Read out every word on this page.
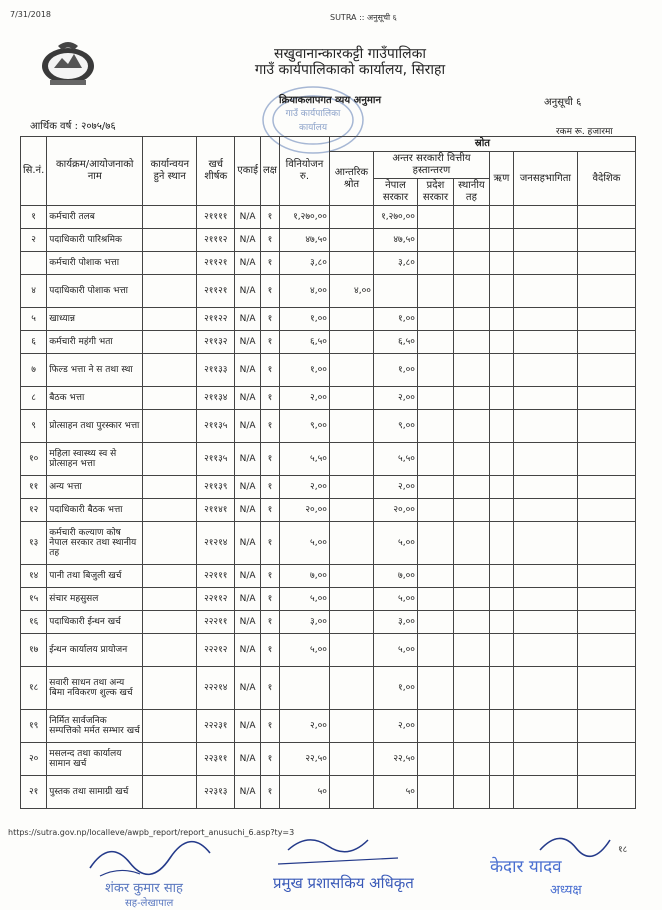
7/31/2018	SUTRA :: अनुसूची ६
सखुवानान्कारकट्टी गाउँपालिका
गाउँ कार्यपालिकाको कार्यालय, सिराहा
गाउँ कार्यपालिका
कार्यालय
क्रियाकलापगत व्यय अनुमान	अनुसूची ६
आर्थिक वर्ष : २०७५/७६	रकम रू. हजारमा
सि.नं.	कार्यक्रम/आयोजनाको नाम	कार्यान्वयन हुने स्थान	खर्च शीर्षक	एकाई	लक्ष	विनियोजन रु.	स्रोत						
							आन्तरिक श्रोत	अन्तर सरकारी वित्तीय हस्तान्तरण			ऋण	जनसहभागिता	वैदेशिक
								नेपाल सरकार	प्रदेश सरकार	स्थानीय तह			
१	कर्मचारी तलब		२११११	N/A	१	१,२७०,००		१,२७०,००					
२	पदाधिकारी पारिश्रमिक		२१११२	N/A	१	४७,५०		४७,५०					
	कर्मचारी पोशाक भत्ता		२११२१	N/A	१	३,८०		३,८०					
४	पदाधिकारी पोशाक भत्ता		२११२१	N/A	१	४,००	४,००						
५	खाध्यान्न		२११२२	N/A	१	१,००		१,००					
६	कर्मचारी महंगी भता		२११३२	N/A	१	६,५०		६,५०					
७	फिल्ड भत्ता ने स तथा स्था		२११३३	N/A	१	१,००		१,००					
८	बैठक भत्ता		२११३४	N/A	१	२,००		२,००					
९	प्रोत्साहन तथा पुरस्कार भत्ता		२११३५	N/A	१	९,००		९,००					
१०	महिला स्वास्थ्य स्व से प्रोत्साहन भत्ता		२११३५	N/A	१	५,५०		५,५०					
११	अन्य भत्ता		२११३९	N/A	१	२,००		२,००					
१२	पदाधिकारी बैठक भत्ता		२११४१	N/A	१	२०,००		२०,००					
१३	कर्मचारी कल्याण कोष नेपाल सरकार तथा स्थानीय तह		२१२१४	N/A	१	५,००		५,००					
१४	पानी तथा बिजुली खर्च		२२१११	N/A	१	७,००		७,००					
१५	संचार महसुसल		२२११२	N/A	१	५,००		५,००					
१६	पदाधिकारी ईन्धन खर्च		२२२११	N/A	१	३,००		३,००					
१७	ईन्धन कार्यालय प्रायोजन		२२२१२	N/A	१	५,००		५,००					
१८	सवारी साधन तथा अन्य बिमा नविकरण शुल्क खर्च		२२२१४	N/A	१			१,००					
१९	निर्मित सार्वजनिक सम्पत्तिको मर्मत सम्भार खर्च		२२२३१	N/A	१	२,००		२,००					
२०	मसलन्द तथा कार्यालय सामान खर्च		२२३११	N/A	१	२२,५०		२२,५०					
२१	पुस्तक तथा सामाग्री खर्च		२२३१३	N/A	१	५०		५०					
https://sutra.gov.np/localleve/awpb_report/report_anusuchi_6.asp?ty=3
१८
शंकर कुमार साह
सह-लेखापाल
प्रमुख प्रशासकिय अधिकृत
केदार यादव
अध्यक्ष
